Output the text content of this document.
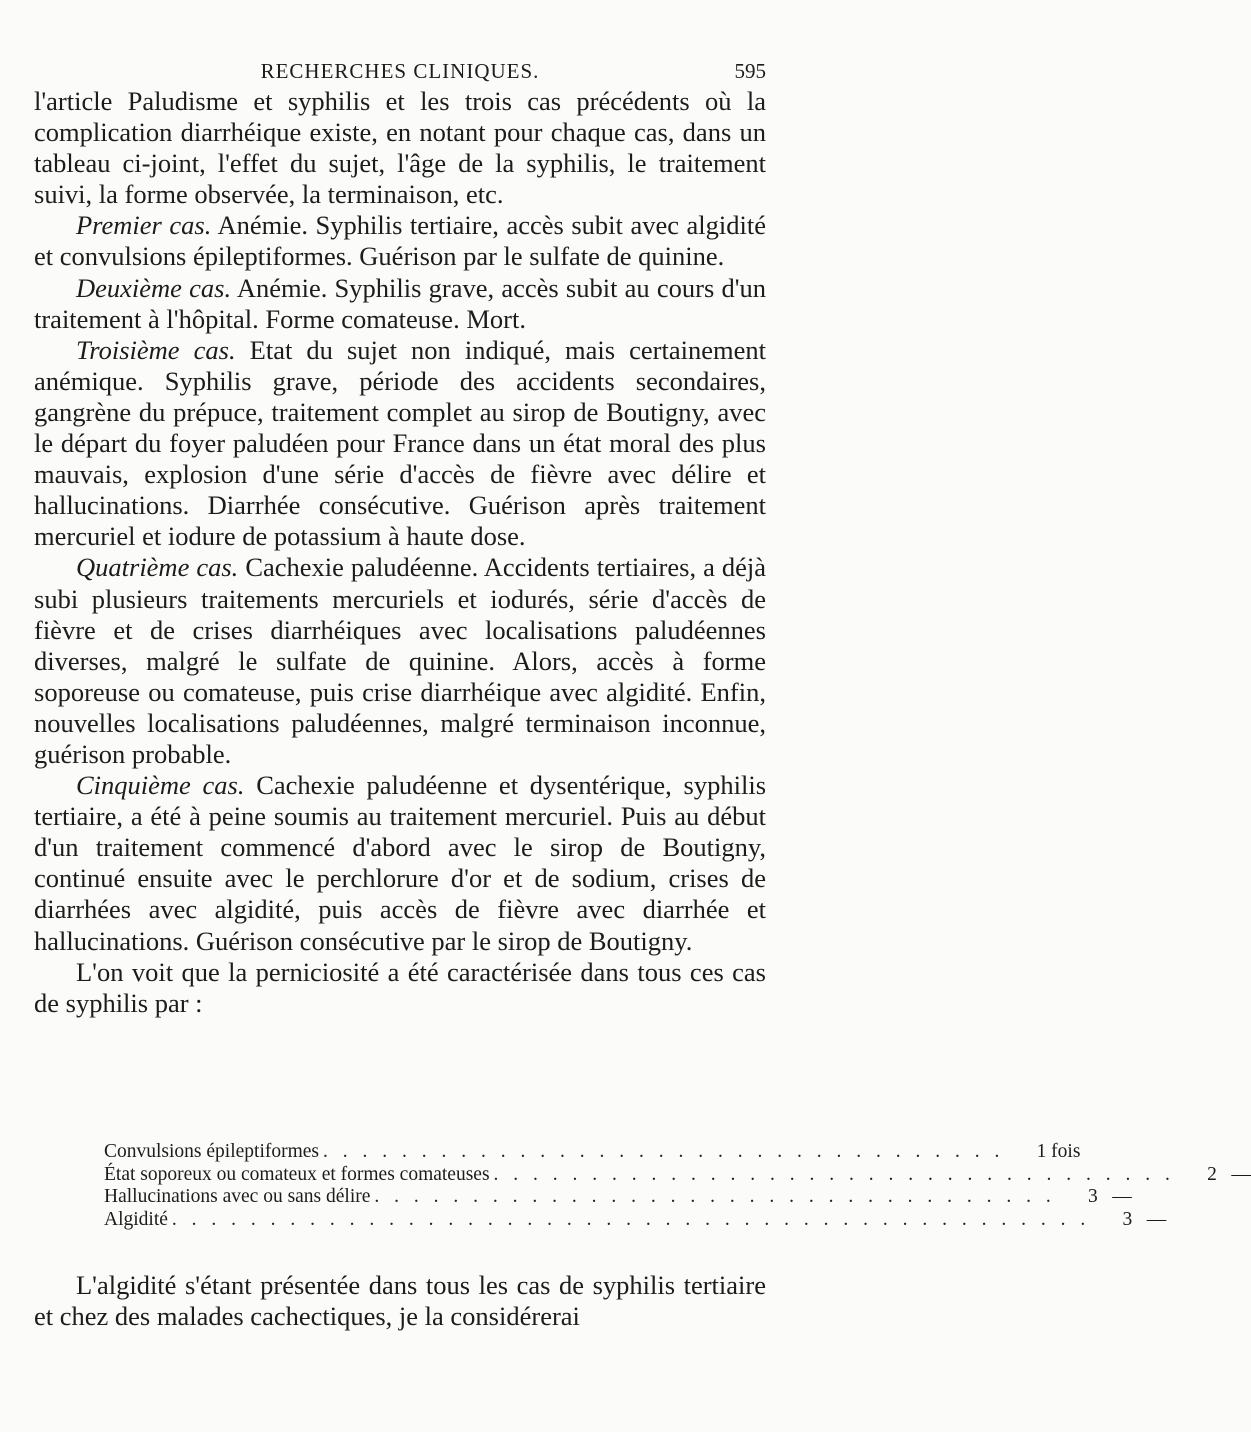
RECHERCHES CLINIQUES.	595

l'article Paludisme et syphilis et les trois cas précédents où la complication diarrhéique existe, en notant pour chaque cas, dans un tableau ci-joint, l'effet du sujet, l'âge de la syphilis, le traitement suivi, la forme observée, la terminaison, etc.

Premier cas. Anémie. Syphilis tertiaire, accès subit avec algidité et convulsions épileptiformes. Guérison par le sulfate de quinine.

Deuxième cas. Anémie. Syphilis grave, accès subit au cours d'un traitement à l'hôpital. Forme comateuse. Mort.

Troisième cas. Etat du sujet non indiqué, mais certainement anémique. Syphilis grave, période des accidents secondaires, gangrène du prépuce, traitement complet au sirop de Boutigny, avec le départ du foyer paludéen pour France dans un état moral des plus mauvais, explosion d'une série d'accès de fièvre avec délire et hallucinations. Diarrhée consécutive. Guérison après traitement mercuriel et iodure de potassium à haute dose.

Quatrième cas. Cachexie paludéenne. Accidents tertiaires, a déjà subi plusieurs traitements mercuriels et iodurés, série d'accès de fièvre et de crises diarrhéiques avec localisations paludéennes diverses, malgré le sulfate de quinine. Alors, accès à forme soporeuse ou comateuse, puis crise diarrhéique avec algidité. Enfin, nouvelles localisations paludéennes, malgré terminaison inconnue, guérison probable.

Cinquième cas. Cachexie paludéenne et dysentérique, syphilis tertiaire, a été à peine soumis au traitement mercuriel. Puis au début d'un traitement commencé d'abord avec le sirop de Boutigny, continué ensuite avec le perchlorure d'or et de sodium, crises de diarrhées avec algidité, puis accès de fièvre avec diarrhée et hallucinations. Guérison consécutive par le sirop de Boutigny.

L'on voit que la perniciosité a été caractérisée dans tous ces cas de syphilis par :

Convulsions épileptiformes . . . . . . . . . . . . . . . . . . . . . . . . . . . . . . . . . . .	1 fois
État soporeux ou comateux et formes comateuses . . . . . . . . . . . . . . . . . . . . . . . . . . . . . . . . . . .	2 —
Hallucinations avec ou sans délire . . . . . . . . . . . . . . . . . . . . . . . . . . . . . . . . . . .	3 —
Algidité . . . . . . . . . . . . . . . . . . . . . . . . . . . . . . . . . . . . . . . . . . . . . . .	3 —

L'algidité s'étant présentée dans tous les cas de syphilis tertiaire et chez des malades cachectiques, je la considérerai
